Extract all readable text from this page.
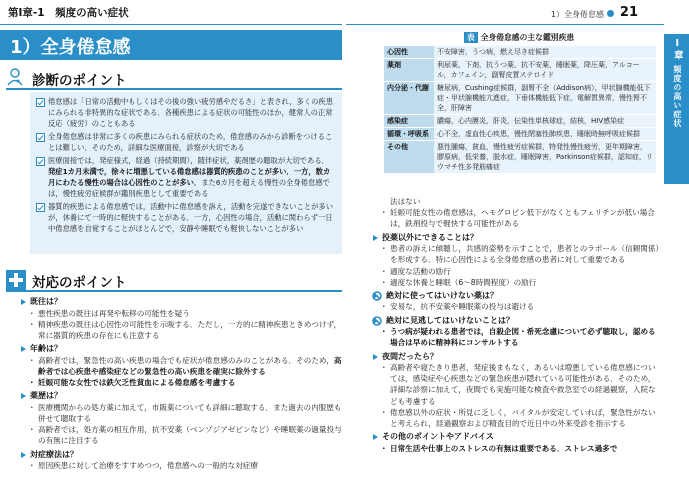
第Ⅰ章-1　頻度の高い症状	1）全身倦怠感 21
Ⅰ章
頻度の高い症状
1）全身倦怠感
診断のポイント
倦怠感は「日常の活動中もしくはその後の強い疲労感やだるさ」と表され，多くの疾患にみられる非特異的な症状である．各種疾患による症状の可能性のほか，健常人の正常反応（疲労）のこともある
全身倦怠感は非常に多くの疾患にみられる症状のため，倦怠感のみから診断をつけることは難しい．そのため，詳細な医療面接，診察が大切である
医療面接では，発症様式，経過（持続期間），随伴症状，薬剤歴の聴取が大切である．発症1カ月未満で，徐々に増悪している倦怠感は器質的疾患のことが多い．一方，数カ月にわたる慢性の場合は心因性のことが多い．また6カ月を超える慢性の全身倦怠感では，慢性疲労症候群が鑑別疾患として重要である
器質的疾患による倦怠感では，活動中に倦怠感を訴え，活動を完遂できないことが多いが，休養にて一時的に軽快することがある．一方，心因性の場合，活動に関わらず一日中倦怠感を自覚することがほとんどで，安静や睡眠でも軽快しないことが多い
対応のポイント
既往は？
・ 悪性疾患の既往は再発や転移の可能性を疑う
・ 精神疾患の既往は心因性の可能性を示唆する．ただし，一方的に精神疾患ときめつけず，常に器質的疾患の存在にも注意する
年齢は？
・ 高齢者では，緊急性の高い疾患の場合でも症状が倦怠感のみのことがある．そのため，高齢者では心疾患や感染症などの緊急性の高い疾患を確実に除外する
・ 妊娠可能な女性では鉄欠乏性貧血による倦怠感を考慮する
薬歴は？
・ 医療機関からの処方薬に加えて，市販薬についても詳細に聴取する．また過去の内服歴も併せて聴取する
・ 高齢者では，処方薬の相互作用，抗不安薬（ベンゾジアゼピンなど）や睡眠薬の過量投与の有無に注目する
対症療法は？
・ 原因疾患に対して治療をすすめつつ，倦怠感への一般的な対症療
表 全身倦怠感の主な鑑別疾患
心因性	不安障害，うつ病，燃え尽き症候群
薬剤	利尿薬，下剤，抗うつ薬，抗不安薬，睡眠薬，降圧薬，アルコール，カフェイン，副腎皮質ステロイド
内分泌・代謝	糖尿病，Cushing症候群，副腎不全（Addison病），甲状腺機能低下症・甲状腺機能亢進症，下垂体機能低下症，電解質異常，慢性腎不全，肝障害
感染症	膿瘍，心内膜炎，肝炎，伝染性単核球症，結核，HIV感染症
循環・呼吸系	心不全，虚血性心疾患，慢性閉塞性肺疾患，睡眠時無呼吸症候群
その他	悪性腫瘍，貧血，慢性疲労症候群，特発性慢性疲労，更年期障害，膠原病，低栄養，脱水症，睡眠障害，Parkinson症候群，認知症，リウマチ性多発筋痛症
法はない
・ 妊娠可能女性の倦怠感は，ヘモグロビン低下がなくともフェリチンが低い場合は，鉄剤投与で軽快する可能性がある
投薬以外にできることは？
・ 患者の訴えに傾聴し，共感的姿勢を示すことで，患者とのラポール（信頼関係）を形成する．特に心因性による全身倦怠感の患者に対して重要である
・ 適度な活動の励行
・ 適度な休養と睡眠（6～8時間程度）の励行
絶対に使ってはいけない薬は？
・ 安易な，抗不安薬や睡眠薬の投与は避ける
絶対に見逃してはいけないことは？
・ うつ病が疑われる患者では，自殺企図・希死念慮について必ず聴取し，認める場合は早めに精神科にコンサルトする
夜間だったら？
・ 高齢者や寝たきり患者，発症後まもなく，あるいは増悪している倦怠感については，感染症や心疾患などの緊急疾患が隠れている可能性がある．そのため，詳細な診察に加えて，夜間でも実施可能な検査や救急室での経過観察，入院なども考慮する
・ 倦怠感以外の症状・所見に乏しく，バイタルが安定していれば，緊急性がないと考えられ，経過観察および精査目的で近日中の外来受診を指示する
その他のポイントやアドバイス
・ 日常生活や仕事上のストレスの有無は重要である．ストレス過多で
